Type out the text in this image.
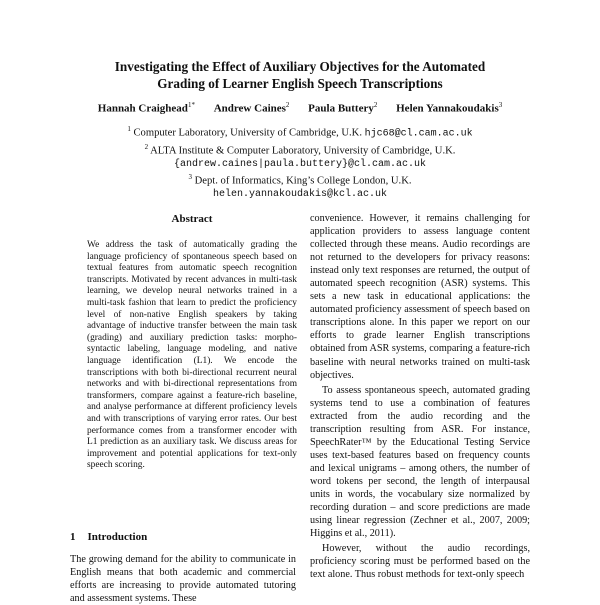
Investigating the Effect of Auxiliary Objectives for the Automated
Grading of Learner English Speech Transcriptions
Hannah Craighead$^{1*}$ Andrew Caines$^2$ Paula Buttery$^2$ Helen Yannakoudakis$^3$
$^1$ Computer Laboratory, University of Cambridge, U.K. hjc68@cl.cam.ac.uk
$^2$ ALTA Institute & Computer Laboratory, University of Cambridge, U.K.
{andrew.caines|paula.buttery}@cl.cam.ac.uk
$^3$ Dept. of Informatics, King’s College London, U.K.
helen.yannakoudakis@kcl.ac.uk
Abstract

We address the task of automatically grading the language proficiency of spontaneous speech based on textual features from automatic speech recognition transcripts. Motivated by recent advances in multi-task learning, we develop neural networks trained in a multi-task fashion that learn to predict the proficiency level of non-native English speakers by taking advantage of inductive transfer between the main task (grading) and auxiliary prediction tasks: morpho-syntactic labeling, language modeling, and native language identification (L1). We encode the transcriptions with both bi-directional recurrent neural networks and with bi-directional representations from transformers, compare against a feature-rich baseline, and analyse performance at different proficiency levels and with transcriptions of varying error rates. Our best performance comes from a transformer encoder with L1 prediction as an auxiliary task. We discuss areas for improvement and potential applications for text-only speech scoring.

1 Introduction

The growing demand for the ability to communicate in English means that both academic and commercial efforts are increasing to provide automated tutoring and assessment systems. These

convenience. However, it remains challenging for application providers to assess language content collected through these means. Audio recordings are not returned to the developers for privacy reasons: instead only text responses are returned, the output of automated speech recognition (ASR) systems. This sets a new task in educational applications: the automated proficiency assessment of speech based on transcriptions alone. In this paper we report on our efforts to grade learner English transcriptions obtained from ASR systems, comparing a feature-rich baseline with neural networks trained on multi-task objectives.

To assess spontaneous speech, automated grading systems tend to use a combination of features extracted from the audio recording and the transcription resulting from ASR. For instance, SpeechRater™ by the Educational Testing Service uses text-based features based on frequency counts and lexical unigrams – among others, the number of word tokens per second, the length of interpausal units in words, the vocabulary size normalized by recording duration – and score predictions are made using linear regression (Zechner et al., 2007, 2009; Higgins et al., 2011).

However, without the audio recordings, proficiency scoring must be performed based on the text alone. Thus robust methods for text-only speech
